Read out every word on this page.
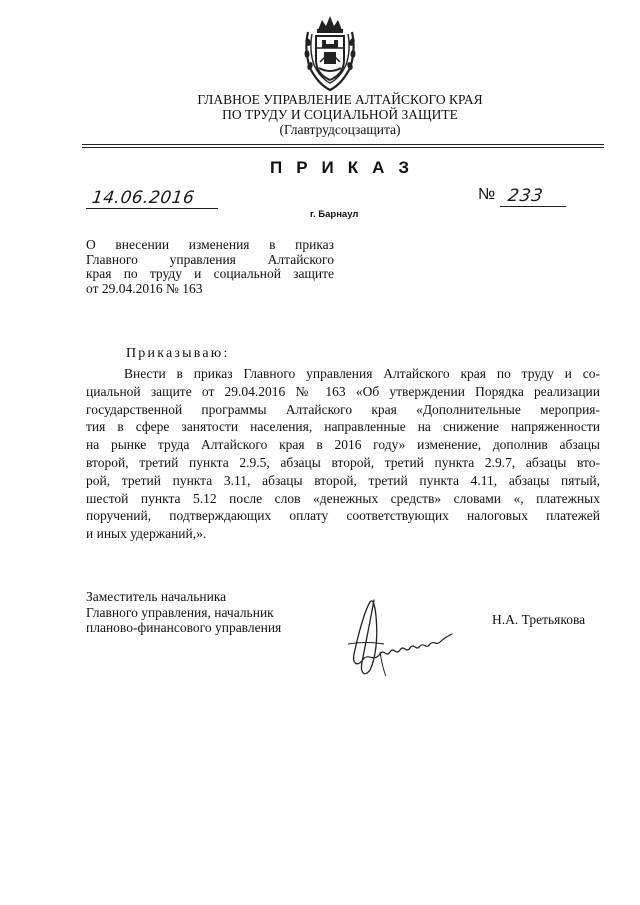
ГЛАВНОЕ УПРАВЛЕНИЕ АЛТАЙСКОГО КРАЯ
ПО ТРУДУ И СОЦИАЛЬНОЙ ЗАЩИТЕ
(Главтрудсоцзащита)
ПРИКАЗ
14.06.2016	№ 233
г. Барнаул
О внесении изменения в приказ
Главного управления Алтайского
края по труду и социальной защите
от 29.04.2016 № 163
Приказываю:
Внести в приказ Главного управления Алтайского края по труду и со-
циальной защите от 29.04.2016 № 163 «Об утверждении Порядка реализации
государственной программы Алтайского края «Дополнительные мероприя-
тия в сфере занятости населения, направленные на снижение напряженности
на рынке труда Алтайского края в 2016 году» изменение, дополнив абзацы
второй, третий пункта 2.9.5, абзацы второй, третий пункта 2.9.7, абзацы вто-
рой, третий пункта 3.11, абзацы второй, третий пункта 4.11, абзацы пятый,
шестой пункта 5.12 после слов «денежных средств» словами «, платежных
поручений, подтверждающих оплату соответствующих налоговых платежей
и иных удержаний,».
Заместитель начальника
Главного управления, начальник
планово-финансового управления
Н.А. Третьякова
